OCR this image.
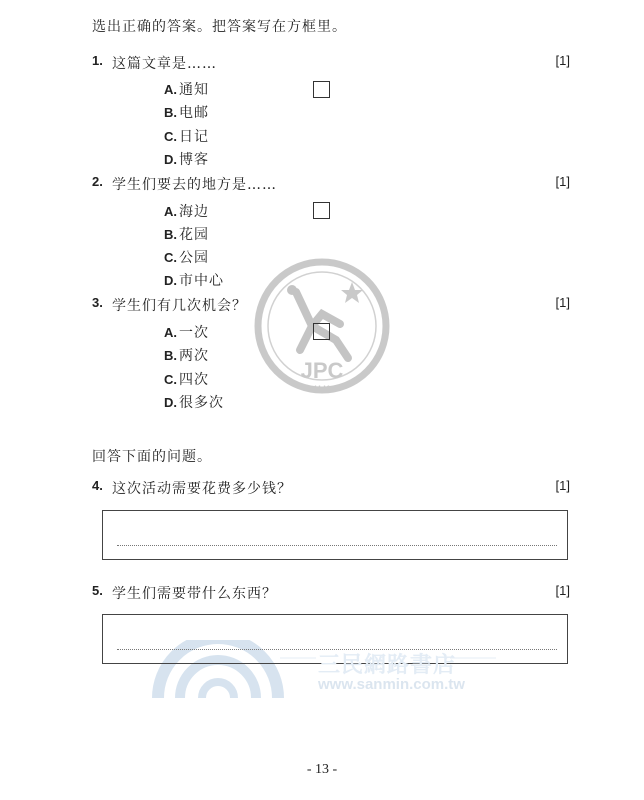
JPC
H K
选出正确的答案。把答案写在方框里。
1. 这篇文章是……	[1]
A. 通知
B. 电邮
C. 日记
D. 博客
2. 学生们要去的地方是……	[1]
A. 海边
B. 花园
C. 公园
D. 市中心
3. 学生们有几次机会？	[1]
A. 一次
B. 两次
C. 四次
D. 很多次
回答下面的问题。
4. 这次活动需要花费多少钱？	[1]
5. 学生们需要带什么东西？	[1]
三民網路書店
www.sanmin.com.tw
- 13 -
